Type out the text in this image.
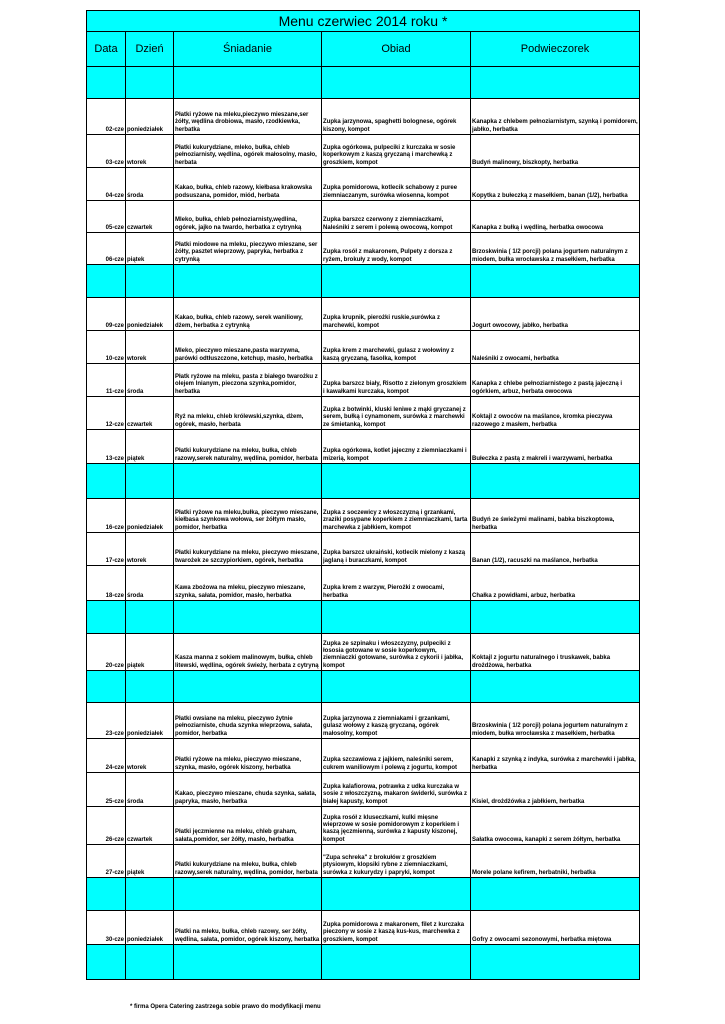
Menu czerwiec 2014 roku *				
Data	Dzień	Śniadanie	Obiad	Podwieczorek

02-cze	poniedziałek	Płatki ryżowe na mleku,pieczywo mieszane,ser żółty, wędlina drobiowa, masło, rzodkiewka, herbatka	Zupka jarzynowa, spaghetti bolognese, ogórek kiszony, kompot	Kanapka z chlebem pełnoziarnistym, szynką i pomidorem, jabłko, herbatka
03-cze	wtorek	Płatki kukurydziane, mleko, bułka, chleb pełnoziarnisty, wędlina, ogórek małosolny, masło, herbata	Zupka ogórkowa, pulpeciki z kurczaka w sosie koperkowym z kaszą gryczaną i marchewką z groszkiem, kompot	Budyń malinowy, biszkopty, herbatka
04-cze	środa	Kakao, bułka, chleb razowy, kiełbasa krakowska podsuszana, pomidor, miód, herbata	Zupka pomidorowa, kotlecik schabowy z puree ziemniaczanym, surówka wiosenna, kompot	Kopytka z bułeczką z masełkiem, banan (1/2), herbatka
05-cze	czwartek	Mleko, bułka, chleb pełnoziarnisty,wędlina, ogórek, jajko na twardo, herbatka z cytrynką	Zupka barszcz czerwony z ziemniaczkami, Naleśniki z serem i polewą owocową, kompot	Kanapka z bułką i wędliną, herbatka owocowa
06-cze	piątek	Płatki miodowe na mleku, pieczywo mieszane, ser żółty, pasztet wieprzowy, papryka, herbatka z cytrynką	Zupka rosół z makaronem, Pulpety z dorsza z ryżem, brokuły z wody, kompot	Brzoskwinia ( 1/2 porcji) polana jogurtem naturalnym z miodem, bułka wrocławska z masełkiem, herbatka

09-cze	poniedziałek	Kakao, bułka, chleb razowy, serek waniliowy, dżem, herbatka z cytrynką	Zupka krupnik, pierożki ruskie,surówka z marchewki, kompot	Jogurt owocowy, jabłko, herbatka
10-cze	wtorek	Mleko, pieczywo mieszane,pasta warzywna, parówki odtłuszczone, ketchup, masło, herbatka	Zupka krem z marchewki, gulasz z wołowiny z kaszą gryczaną, fasolka, kompot	Naleśniki z owocami, herbatka
11-cze	środa	Płatk ryżowe na mleku, pasta z białego twarożku z olejem lnianym, pieczona szynka,pomidor, herbatka	Zupka barszcz biały, Risotto z zielonym groszkiem i kawałkami kurczaka, kompot	Kanapka z chlebe pełnoziarnistego z pastą jajeczną i ogórkiem, arbuz, herbata owocowa
12-cze	czwartek	Ryż na mleku, chleb królewski,szynka, dżem, ogórek, masło, herbata	Zupka z botwinki, kluski leniwe z mąki gryczanej z serem, bułką i cynamonem, surówka z marchewki ze śmietanką, kompot	Koktajl z owoców na maślance, kromka pieczywa razowego z masłem, herbatka
13-cze	piątek	Płatki kukurydziane na mleku, bułka, chleb razowy,serek naturalny, wędlina, pomidor, herbata	Zupka ogórkowa, kotlet jajeczny z ziemniaczkami i mizerią, kompot	Bułeczka z pastą z makreli i warzywami, herbatka

16-cze	poniedziałek	Płatki ryżowe na mleku,bułka, pieczywo mieszane, kiełbasa szynkowa wołowa, ser żółtym masło, pomidor, herbatka	Zupka z soczewicy z włoszczyzną i grzankami, zraziki posypane koperkiem z ziemniaczkami, tarta marchewka z jabłkiem, kompot	Budyń ze świeżymi malinami, babka biszkoptowa, herbatka
17-cze	wtorek	Płatki kukurydziane na mleku, pieczywo mieszane, twarożek ze szczypiorkiem, ogórek, herbatka	Zupka barszcz ukraiński, kotlecik mielony z kaszą jaglaną i buraczkami, kompot	Banan (1/2), racuszki na maślance, herbatka
18-cze	środa	Kawa zbożowa na mleku, pieczywo mieszane, szynka, sałata, pomidor, masło, herbatka	Zupka krem z warzyw, Pierożki z owocami, herbatka	Chałka z powidłami, arbuz, herbatka

20-cze	piątek	Kasza manna z sokiem malinowym, bułka, chleb litewski, wędlina, ogórek świeży, herbata z cytryną	Zupka ze szpinaku i włoszczyzny, pulpeciki z łososia gotowane w sosie koperkowym, ziemniaczki gotowane, surówka z cykorii i jabłka, kompot	Koktajl z jogurtu naturalnego i truskawek, babka drożdżowa, herbatka

23-cze	poniedziałek	Płatki owsiane na mleku, pieczywo żytnie pełnoziarniste, chuda szynka wieprzowa, sałata, pomidor, herbatka	Zupka jarzynowa z ziemniakami i grzankami, gulasz wołowy z kaszą gryczaną, ogórek małosolny, kompot	Brzoskwinia ( 1/2 porcji) polana jogurtem naturalnym z miodem, bułka wrocławska z masełkiem, herbatka
24-cze	wtorek	Płatki ryżowe na mleku, pieczywo mieszane, szynka, masło, ogórek kiszony, herbatka	Zupka szczawiowa z jajkiem, naleśniki serem, cukrem waniliowym i polewą z jogurtu, kompot	Kanapki z szynką z indyka, surówka z marchewki i jabłka, herbatka
25-cze	środa	Kakao, pieczywo mieszane, chuda szynka, sałata, papryka, masło, herbatka	Zupka kalafiorowa, potrawka z udka kurczaka w sosie z włoszczyzną, makaron świderki, surówka z białej kapusty, kompot	Kisiel, drożdżówka z jabłkiem, herbatka
26-cze	czwartek	Płatki jęczmienne na mleku, chleb graham, sałata,pomidor, ser żółty, masło, herbatka	Zupka rosół z kluseczkami, kulki mięsne wieprzowe w sosie pomidorowym z koperkiem i kaszą jęczmienną, surówka z kapusty kiszonej, kompot	Sałatka owocowa, kanapki z serem żółtym, herbatka
27-cze	piątek	Płatki kukurydziane na mleku, bułka, chleb razowy,serek naturalny, wędlina, pomidor, herbata	"Zupa schreka" z brokułów z groszkiem ptysiowym, klopsiki rybne z ziemniaczkami, surówka z kukurydzy i papryki, kompot	Morele polane kefirem, herbatniki, herbatka

30-cze	poniedziałek	Płatki na mleku, bułka, chleb razowy, ser żółty, wędlina, sałata, pomidor, ogórek kiszony, herbatka	Zupka pomidorowa z makaronem, filet z kurczaka pieczony w sosie z kaszą kus-kus, marchewka z groszkiem, kompot	Gofry z owocami sezonowymi, herbatka miętowa

* firma Opera Catering zastrzega sobie prawo do modyfikacji menu
